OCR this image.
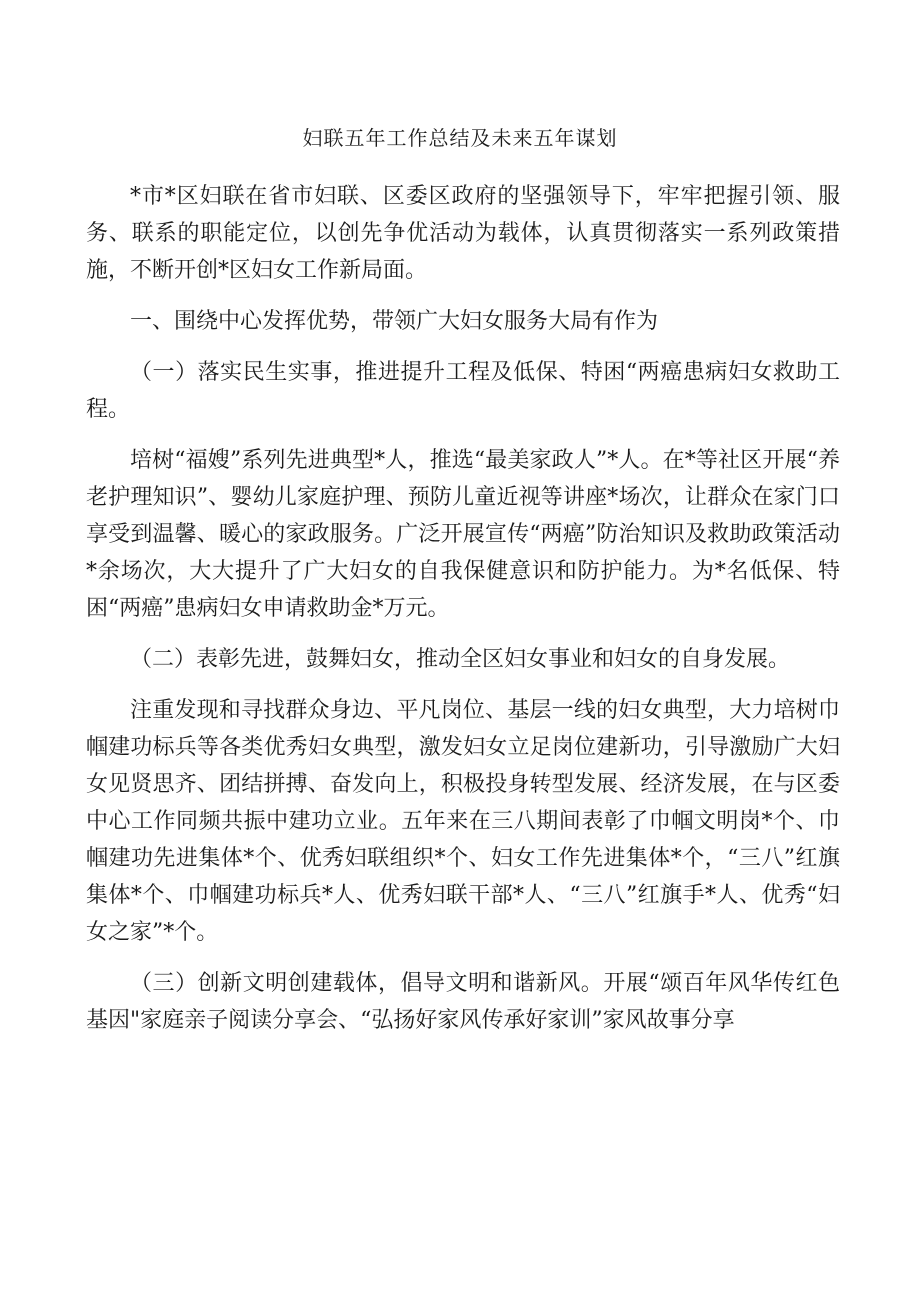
妇联五年工作总结及未来五年谋划

*市*区妇联在省市妇联、区委区政府的坚强领导下，牢牢把握引领、服务、联系的职能定位，以创先争优活动为载体，认真贯彻落实一系列政策措施，不断开创*区妇女工作新局面。

一、围绕中心发挥优势，带领广大妇女服务大局有作为

（一）落实民生实事，推进提升工程及低保、特困“两癌患病妇女救助工程。

培树“福嫂”系列先进典型*人，推选“最美家政人”*人。在*等社区开展“养老护理知识”、婴幼儿家庭护理、预防儿童近视等讲座*场次，让群众在家门口享受到温馨、暖心的家政服务。广泛开展宣传“两癌”防治知识及救助政策活动*余场次，大大提升了广大妇女的自我保健意识和防护能力。为*名低保、特困“两癌”患病妇女申请救助金*万元。

（二）表彰先进，鼓舞妇女，推动全区妇女事业和妇女的自身发展。

注重发现和寻找群众身边、平凡岗位、基层一线的妇女典型，大力培树巾帼建功标兵等各类优秀妇女典型，激发妇女立足岗位建新功，引导激励广大妇女见贤思齐、团结拼搏、奋发向上，积极投身转型发展、经济发展，在与区委中心工作同频共振中建功立业。五年来在三八期间表彰了巾帼文明岗*个、巾帼建功先进集体*个、优秀妇联组织*个、妇女工作先进集体*个，“三八”红旗集体*个、巾帼建功标兵*人、优秀妇联干部*人、“三八”红旗手*人、优秀“妇女之家”*个。

（三）创新文明创建载体，倡导文明和谐新风。开展“颂百年风华传红色基因"家庭亲子阅读分享会、“弘扬好家风传承好家训”家风故事分享
